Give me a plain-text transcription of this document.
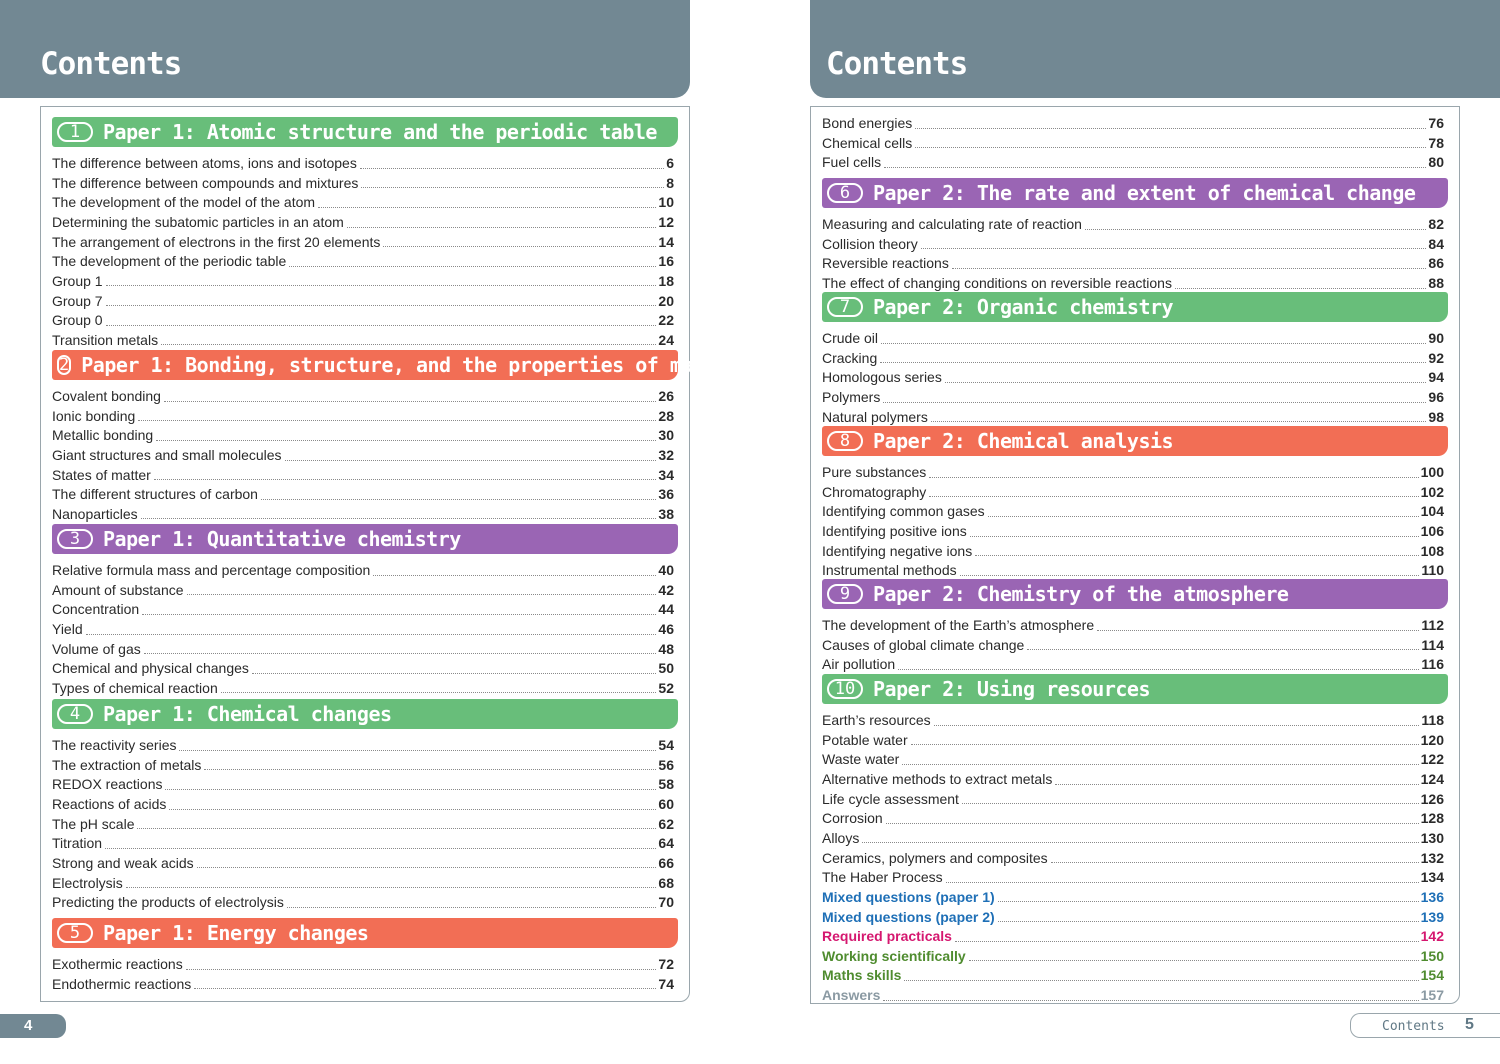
Contents
1	Paper 1: Atomic structure and the periodic table
The difference between atoms, ions and isotopes	6
The difference between compounds and mixtures	8
The development of the model of the atom	10
Determining the subatomic particles in an atom	12
The arrangement of electrons in the first 20 elements	14
The development of the periodic table	16
Group 1	18
Group 7	20
Group 0	22
Transition metals	24
2 Paper 1: Bonding, structure, and the properties of matter
Covalent bonding	26
Ionic bonding	28
Metallic bonding	30
Giant structures and small molecules	32
States of matter	34
The different structures of carbon	36
Nanoparticles	38
3	Paper 1: Quantitative chemistry
Relative formula mass and percentage composition	40
Amount of substance	42
Concentration	44
Yield	46
Volume of gas	48
Chemical and physical changes	50
Types of chemical reaction	52
4	Paper 1: Chemical changes
The reactivity series	54
The extraction of metals	56
REDOX reactions	58
Reactions of acids	60
The pH scale	62
Titration	64
Strong and weak acids	66
Electrolysis	68
Predicting the products of electrolysis	70
5	Paper 1: Energy changes
Exothermic reactions	72
Endothermic reactions	74
4
Contents
Bond energies	76
Chemical cells	78
Fuel cells	80
6	Paper 2: The rate and extent of chemical change
Measuring and calculating rate of reaction	82
Collision theory	84
Reversible reactions	86
The effect of changing conditions on reversible reactions	88
7	Paper 2: Organic chemistry
Crude oil	90
Cracking	92
Homologous series	94
Polymers	96
Natural polymers	98
8	Paper 2: Chemical analysis
Pure substances	100
Chromatography	102
Identifying common gases	104
Identifying positive ions	106
Identifying negative ions	108
Instrumental methods	110
9	Paper 2: Chemistry of the atmosphere
The development of the Earth’s atmosphere	112
Causes of global climate change	114
Air pollution	116
10 Paper 2: Using resources
Earth’s resources	118
Potable water	120
Waste water	122
Alternative methods to extract metals	124
Life cycle assessment	126
Corrosion	128
Alloys	130
Ceramics, polymers and composites	132
The Haber Process	134
Mixed questions (paper 1)	136
Mixed questions (paper 2)	139
Required practicals	142
Working scientifically	150
Maths skills	154
Answers	157
Contents 5
